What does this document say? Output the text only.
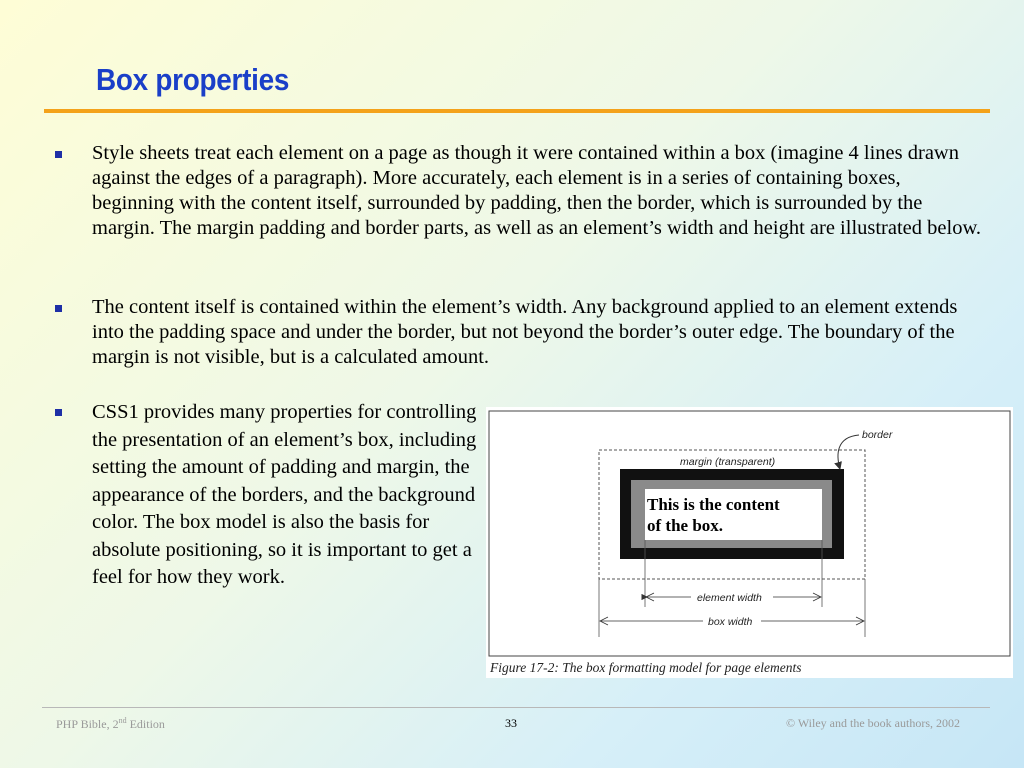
Box properties

Style sheets treat each element on a page as though it were contained within a box (imagine 4 lines drawn against the edges of a paragraph). More accurately, each element is in a series of containing boxes, beginning with the content itself, surrounded by padding, then the border, which is surrounded by the margin. The margin padding and border parts, as well as an element’s width and height are illustrated below.

The content itself is contained within the element’s width. Any background applied to an element extends into the padding space and under the border, but not beyond the border’s outer edge. The boundary of the margin is not visible, but is a calculated amount.

CSS1 provides many properties for controlling the presentation of an element’s box, including setting the amount of padding and margin, the appearance of the borders, and the background color. The box model is also the basis for absolute positioning, so it is important to get a feel for how they work.

This is the content
of the box.
margin (transparent)
border
element width
box width
Figure 17-2: The box formatting model for page elements
PHP Bible, 2nd Edition	33	© Wiley and the book authors, 2002
